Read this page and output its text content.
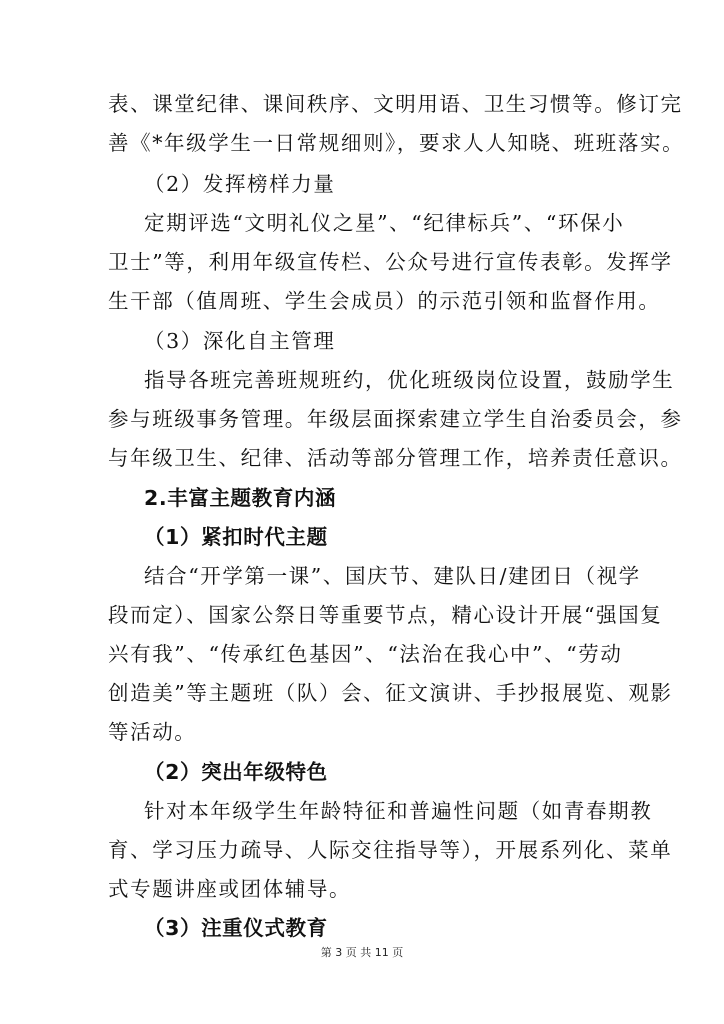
表、课堂纪律、课间秩序、文明用语、卫生习惯等。修订完
善《*年级学生一日常规细则》，要求人人知晓、班班落实。
（2）发挥榜样力量
定期评选“文明礼仪之星”、“纪律标兵”、“环保小
卫士”等，利用年级宣传栏、公众号进行宣传表彰。发挥学
生干部（值周班、学生会成员）的示范引领和监督作用。
（3）深化自主管理
指导各班完善班规班约，优化班级岗位设置，鼓励学生
参与班级事务管理。年级层面探索建立学生自治委员会，参
与年级卫生、纪律、活动等部分管理工作，培养责任意识。
2.丰富主题教育内涵
（1）紧扣时代主题
结合“开学第一课”、国庆节、建队日/建团日（视学
段而定）、国家公祭日等重要节点，精心设计开展“强国复
兴有我”、“传承红色基因”、“法治在我心中”、“劳动
创造美”等主题班（队）会、征文演讲、手抄报展览、观影
等活动。
（2）突出年级特色
针对本年级学生年龄特征和普遍性问题（如青春期教
育、学习压力疏导、人际交往指导等），开展系列化、菜单
式专题讲座或团体辅导。
（3）注重仪式教育
第 3 页 共 11 页
